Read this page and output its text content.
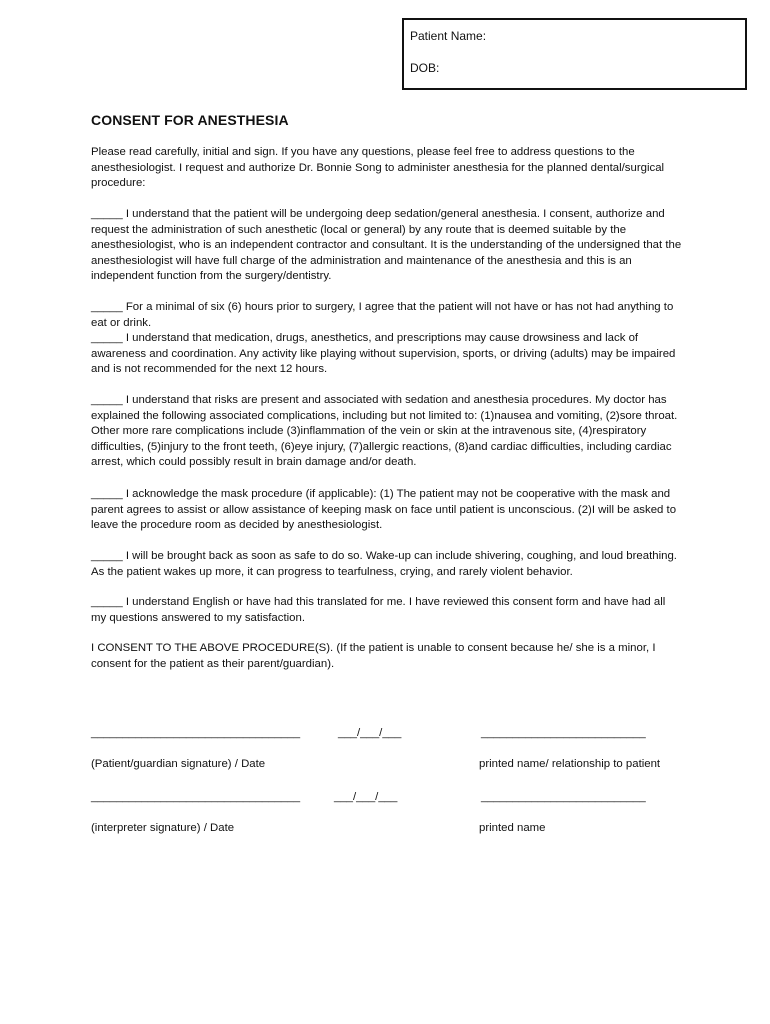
Patient Name:
DOB:
CONSENT FOR ANESTHESIA

Please read carefully, initial and sign. If you have any questions, please feel free to address questions to the anesthesiologist. I request and authorize Dr. Bonnie Song to administer anesthesia for the planned dental/surgical procedure:

_____ I understand that the patient will be undergoing deep sedation/general anesthesia. I consent, authorize and request the administration of such anesthetic (local or general) by any route that is deemed suitable by the anesthesiologist, who is an independent contractor and consultant. It is the understanding of the undersigned that the anesthesiologist will have full charge of the administration and maintenance of the anesthesia and this is an independent function from the surgery/dentistry.

_____ For a minimal of six (6) hours prior to surgery, I agree that the patient will not have or has not had anything to eat or drink.

_____ I understand that medication, drugs, anesthetics, and prescriptions may cause drowsiness and lack of awareness and coordination. Any activity like playing without supervision, sports, or driving (adults) may be impaired and is not recommended for the next 12 hours.

_____ I understand that risks are present and associated with sedation and anesthesia procedures. My doctor has explained the following associated complications, including but not limited to: (1)nausea and vomiting, (2)sore throat. Other more rare complications include (3)inflammation of the vein or skin at the intravenous site, (4)respiratory difficulties, (5)injury to the front teeth, (6)eye injury, (7)allergic reactions, (8)and cardiac difficulties, including cardiac arrest, which could possibly result in brain damage and/or death.

_____ I acknowledge the mask procedure (if applicable): (1) The patient may not be cooperative with the mask and parent agrees to assist or allow assistance of keeping mask on face until patient is unconscious. (2)I will be asked to leave the procedure room as decided by anesthesiologist.

_____ I will be brought back as soon as safe to do so. Wake-up can include shivering, coughing, and loud breathing. As the patient wakes up more, it can progress to tearfulness, crying, and rarely violent behavior.

_____ I understand English or have had this translated for me. I have reviewed this consent form and have had all my questions answered to my satisfaction.

I CONSENT TO THE ABOVE PROCEDURE(S). (If the patient is unable to consent because he/ she is a minor, I consent for the patient as their parent/guardian).

_________________________________	___/___/___	__________________________
(Patient/guardian signature) / Date	printed name/ relationship to patient
_________________________________	___/___/___	__________________________
(interpreter signature) / Date	printed name
